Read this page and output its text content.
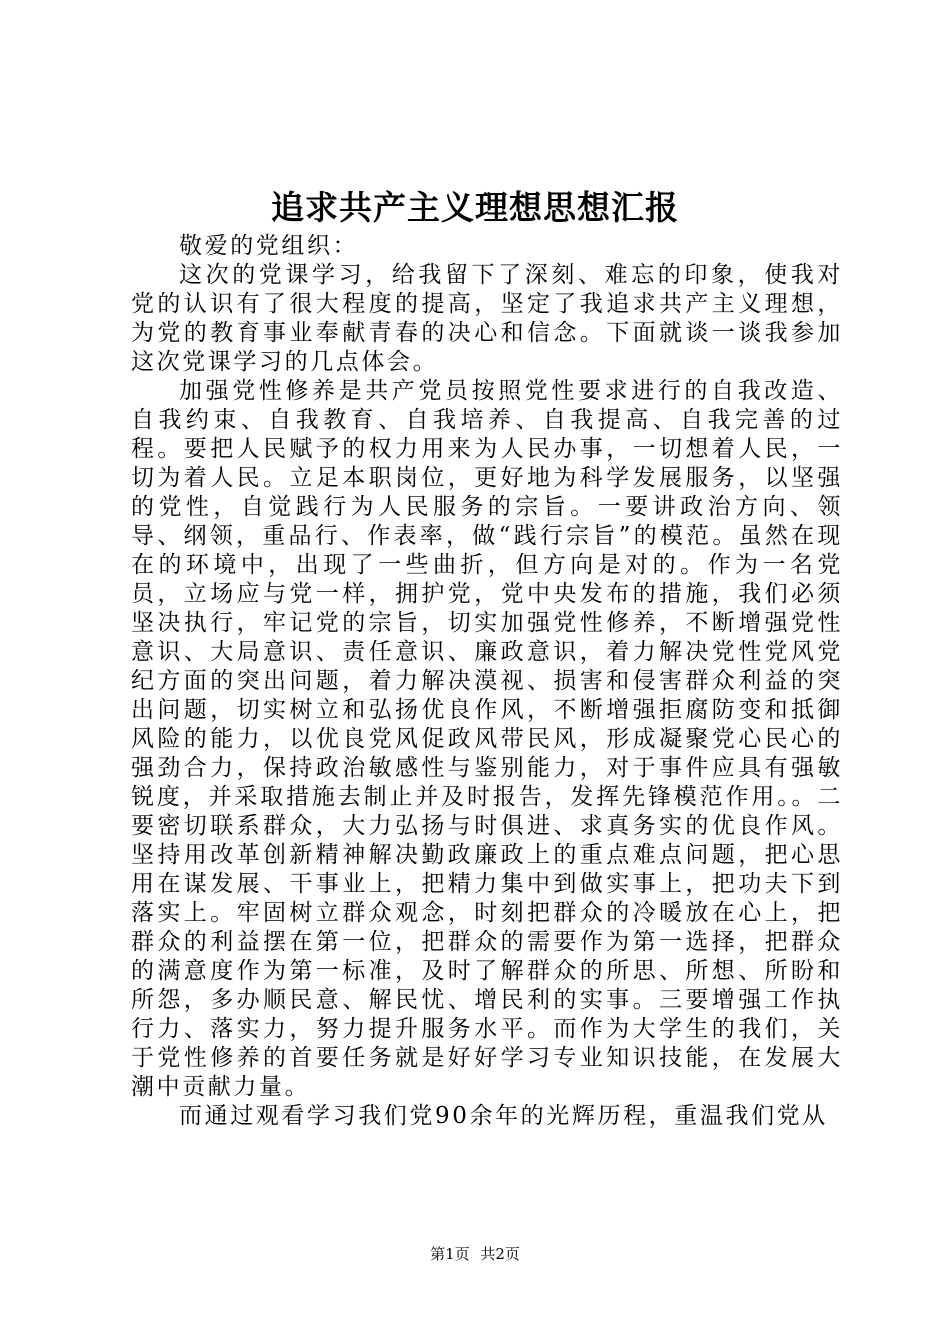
追求共产主义理想思想汇报

敬爱的党组织：

这次的党课学习，给我留下了深刻、难忘的印象，使我对党的认识有了很大程度的提高，坚定了我追求共产主义理想，为党的教育事业奉献青春的决心和信念。下面就谈一谈我参加这次党课学习的几点体会。

加强党性修养是共产党员按照党性要求进行的自我改造、自我约束、自我教育、自我培养、自我提高、自我完善的过程。要把人民赋予的权力用来为人民办事，一切想着人民，一切为着人民。立足本职岗位，更好地为科学发展服务，以坚强的党性，自觉践行为人民服务的宗旨。一要讲政治方向、领导、纲领，重品行、作表率，做“践行宗旨”的模范。虽然在现在的环境中，出现了一些曲折，但方向是对的。作为一名党员，立场应与党一样，拥护党，党中央发布的措施，我们必须坚决执行，牢记党的宗旨，切实加强党性修养，不断增强党性意识、大局意识、责任意识、廉政意识，着力解决党性党风党纪方面的突出问题，着力解决漠视、损害和侵害群众利益的突出问题，切实树立和弘扬优良作风，不断增强拒腐防变和抵御风险的能力，以优良党风促政风带民风，形成凝聚党心民心的强劲合力，保持政治敏感性与鉴别能力，对于事件应具有强敏锐度，并采取措施去制止并及时报告，发挥先锋模范作用。。二要密切联系群众，大力弘扬与时俱进、求真务实的优良作风。坚持用改革创新精神解决勤政廉政上的重点难点问题，把心思用在谋发展、干事业上，把精力集中到做实事上，把功夫下到落实上。牢固树立群众观念，时刻把群众的冷暖放在心上，把群众的利益摆在第一位，把群众的需要作为第一选择，把群众的满意度作为第一标准，及时了解群众的所思、所想、所盼和所怨，多办顺民意、解民忧、增民利的实事。三要增强工作执行力、落实力，努力提升服务水平。而作为大学生的我们，关于党性修养的首要任务就是好好学习专业知识技能，在发展大潮中贡献力量。

而通过观看学习我们党90余年的光辉历程，重温我们党从

第1页 共2页
